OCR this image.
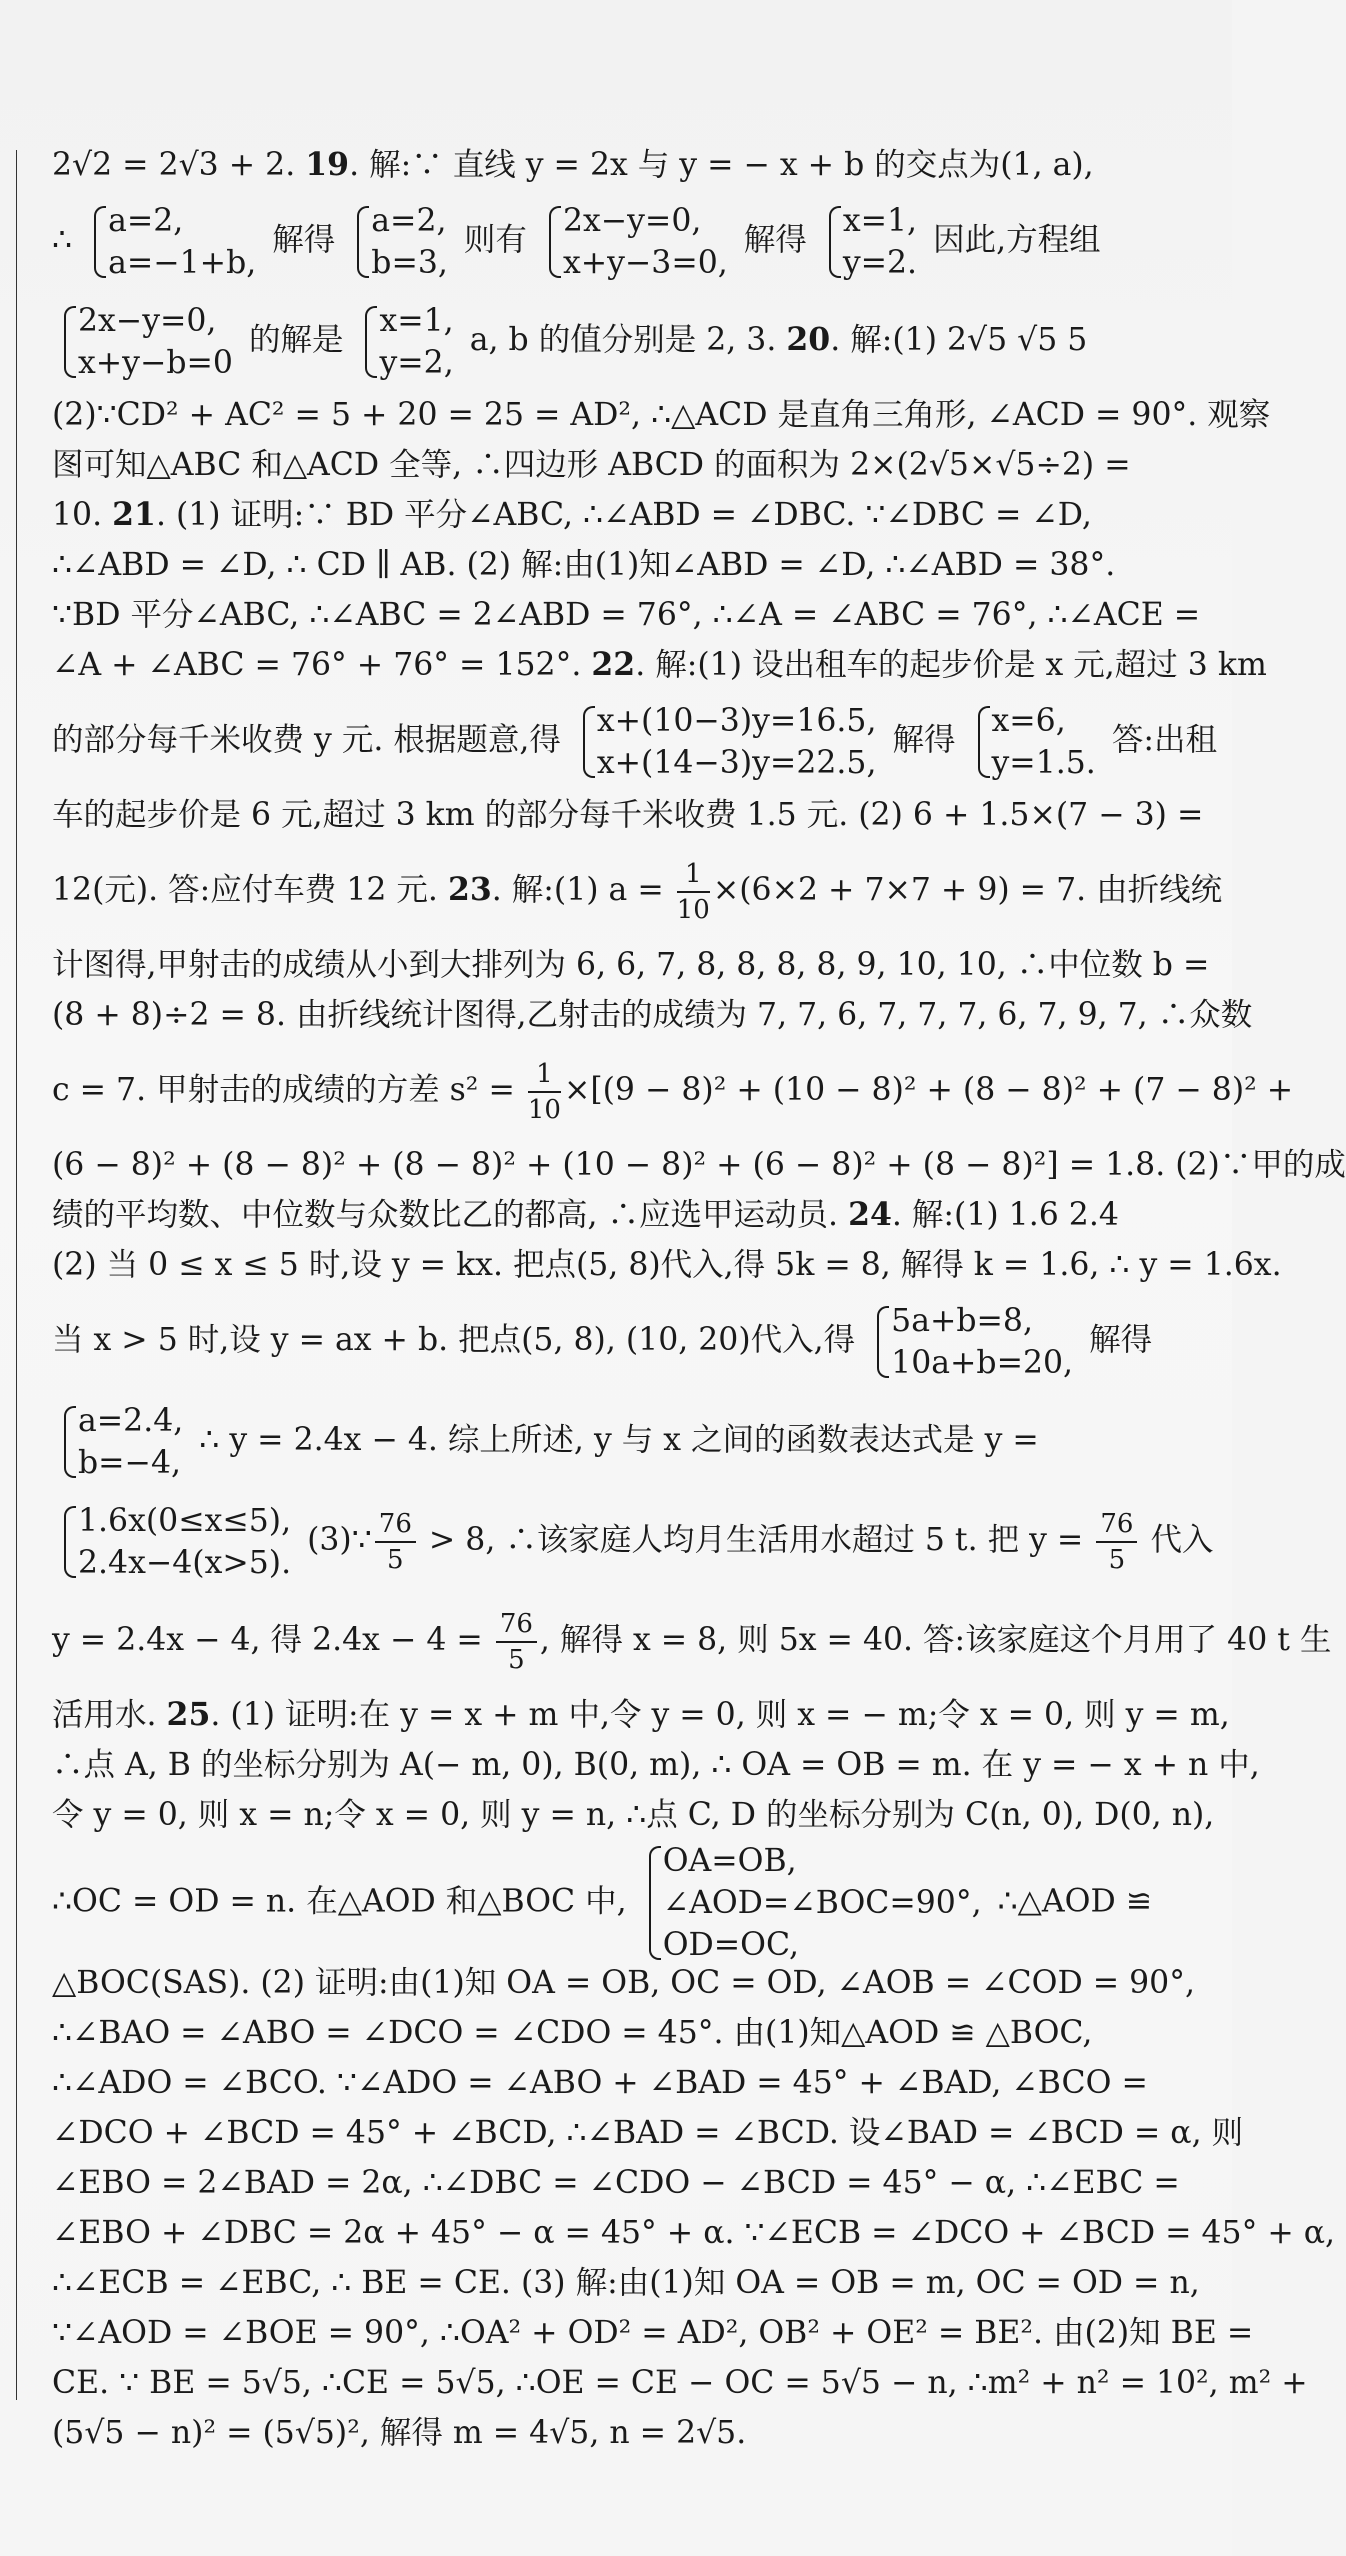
2√2 = 2√3 + 2. 19. 解:∵ 直线 y = 2x 与 y = − x + b 的交点为(1, a),
∴
a=2,
a=−1+b,
解得
a=2,
b=3,
则有
2x−y=0,
x+y−3=0,
解得
x=1,
y=2.
因此,方程组
2x−y=0,
x+y−b=0
的解是
x=1,
y=2,
a, b 的值分别是 2, 3. 20. 解:(1) 2√5 √5 5
(2)∵CD² + AC² = 5 + 20 = 25 = AD², ∴△ACD 是直角三角形, ∠ACD = 90°. 观察
图可知△ABC 和△ACD 全等, ∴四边形 ABCD 的面积为 2×(2√5×√5÷2) =
10. 21. (1) 证明:∵ BD 平分∠ABC, ∴∠ABD = ∠DBC. ∵∠DBC = ∠D,
∴∠ABD = ∠D, ∴ CD ∥ AB. (2) 解:由(1)知∠ABD = ∠D, ∴∠ABD = 38°.
∵BD 平分∠ABC, ∴∠ABC = 2∠ABD = 76°, ∴∠A = ∠ABC = 76°, ∴∠ACE =
∠A + ∠ABC = 76° + 76° = 152°. 22. 解:(1) 设出租车的起步价是 x 元,超过 3 km
的部分每千米收费 y 元. 根据题意,得
x+(10−3)y=16.5,
x+(14−3)y=22.5,
解得
x=6,
y=1.5.
答:出租
车的起步价是 6 元,超过 3 km 的部分每千米收费 1.5 元. (2) 6 + 1.5×(7 − 3) =
12(元). 答:应付车费 12 元. 23. 解:(1) $a = \frac{1}{10} \times(6\times 2 + 7\times 7 + 9) = 7$. 由折线统
计图得,甲射击的成绩从小到大排列为 6, 6, 7, 8, 8, 8, 8, 9, 10, 10, ∴中位数 b =
(8 + 8)÷2 = 8. 由折线统计图得,乙射击的成绩为 7, 7, 6, 7, 7, 7, 6, 7, 9, 7, ∴众数
c = 7. 甲射击的成绩的方差 $s^2 = \frac{1}{10} \times[(9 - 8)^2 + (10 - 8)^2 + (8 - 8)^2 + (7 - 8)^2$ +
(6 − 8)² + (8 − 8)² + (8 − 8)² + (10 − 8)² + (6 − 8)² + (8 − 8)²] = 1.8. (2)∵甲的成
绩的平均数、中位数与众数比乙的都高, ∴应选甲运动员. 24. 解:(1) 1.6 2.4
(2) 当 0 ≤ x ≤ 5 时,设 y = kx. 把点(5, 8)代入,得 5k = 8, 解得 k = 1.6, ∴ y = 1.6x.
当 x > 5 时,设 y = ax + b. 把点(5, 8), (10, 20)代入,得
5a+b=8,
10a+b=20,
解得
a=2.4,
b=−4,
∴ y = 2.4x − 4. 综上所述, y 与 x 之间的函数表达式是 y =
1.6x(0≤x≤5),
2.4x−4(x>5).
(3)∵ $\frac{76}{5} > 8$, ∴该家庭人均月生活用水超过 5 t. 把 $y = \frac{76}{5}$ 代入
y = 2.4x − 4, 得 $2.4x - 4 = \frac{76}{5}$ , 解得 x = 8, 则 5x = 40. 答:该家庭这个月用了 40 t 生
活用水. 25. (1) 证明:在 y = x + m 中,令 y = 0, 则 x = − m;令 x = 0, 则 y = m,
∴点 A, B 的坐标分别为 A(− m, 0), B(0, m), ∴ OA = OB = m. 在 y = − x + n 中,
令 y = 0, 则 x = n;令 x = 0, 则 y = n, ∴点 C, D 的坐标分别为 C(n, 0), D(0, n),
∴OC = OD = n. 在△AOD 和△BOC 中,
OA=OB,
∠AOD=∠BOC=90°,
OD=OC,
∴△AOD ≌
△BOC(SAS). (2) 证明:由(1)知 OA = OB, OC = OD, ∠AOB = ∠COD = 90°,
∴∠BAO = ∠ABO = ∠DCO = ∠CDO = 45°. 由(1)知△AOD ≌ △BOC,
∴∠ADO = ∠BCO. ∵∠ADO = ∠ABO + ∠BAD = 45° + ∠BAD, ∠BCO =
∠DCO + ∠BCD = 45° + ∠BCD, ∴∠BAD = ∠BCD. 设∠BAD = ∠BCD = α, 则
∠EBO = 2∠BAD = 2α, ∴∠DBC = ∠CDO − ∠BCD = 45° − α, ∴∠EBC =
∠EBO + ∠DBC = 2α + 45° − α = 45° + α. ∵∠ECB = ∠DCO + ∠BCD = 45° + α,
∴∠ECB = ∠EBC, ∴ BE = CE. (3) 解:由(1)知 OA = OB = m, OC = OD = n,
∵∠AOD = ∠BOE = 90°, ∴OA² + OD² = AD², OB² + OE² = BE². 由(2)知 BE =
CE. ∵ BE = 5√5, ∴CE = 5√5, ∴OE = CE − OC = 5√5 − n, ∴m² + n² = 10², m² +
(5√5 − n)² = (5√5)², 解得 m = 4√5, n = 2√5.
